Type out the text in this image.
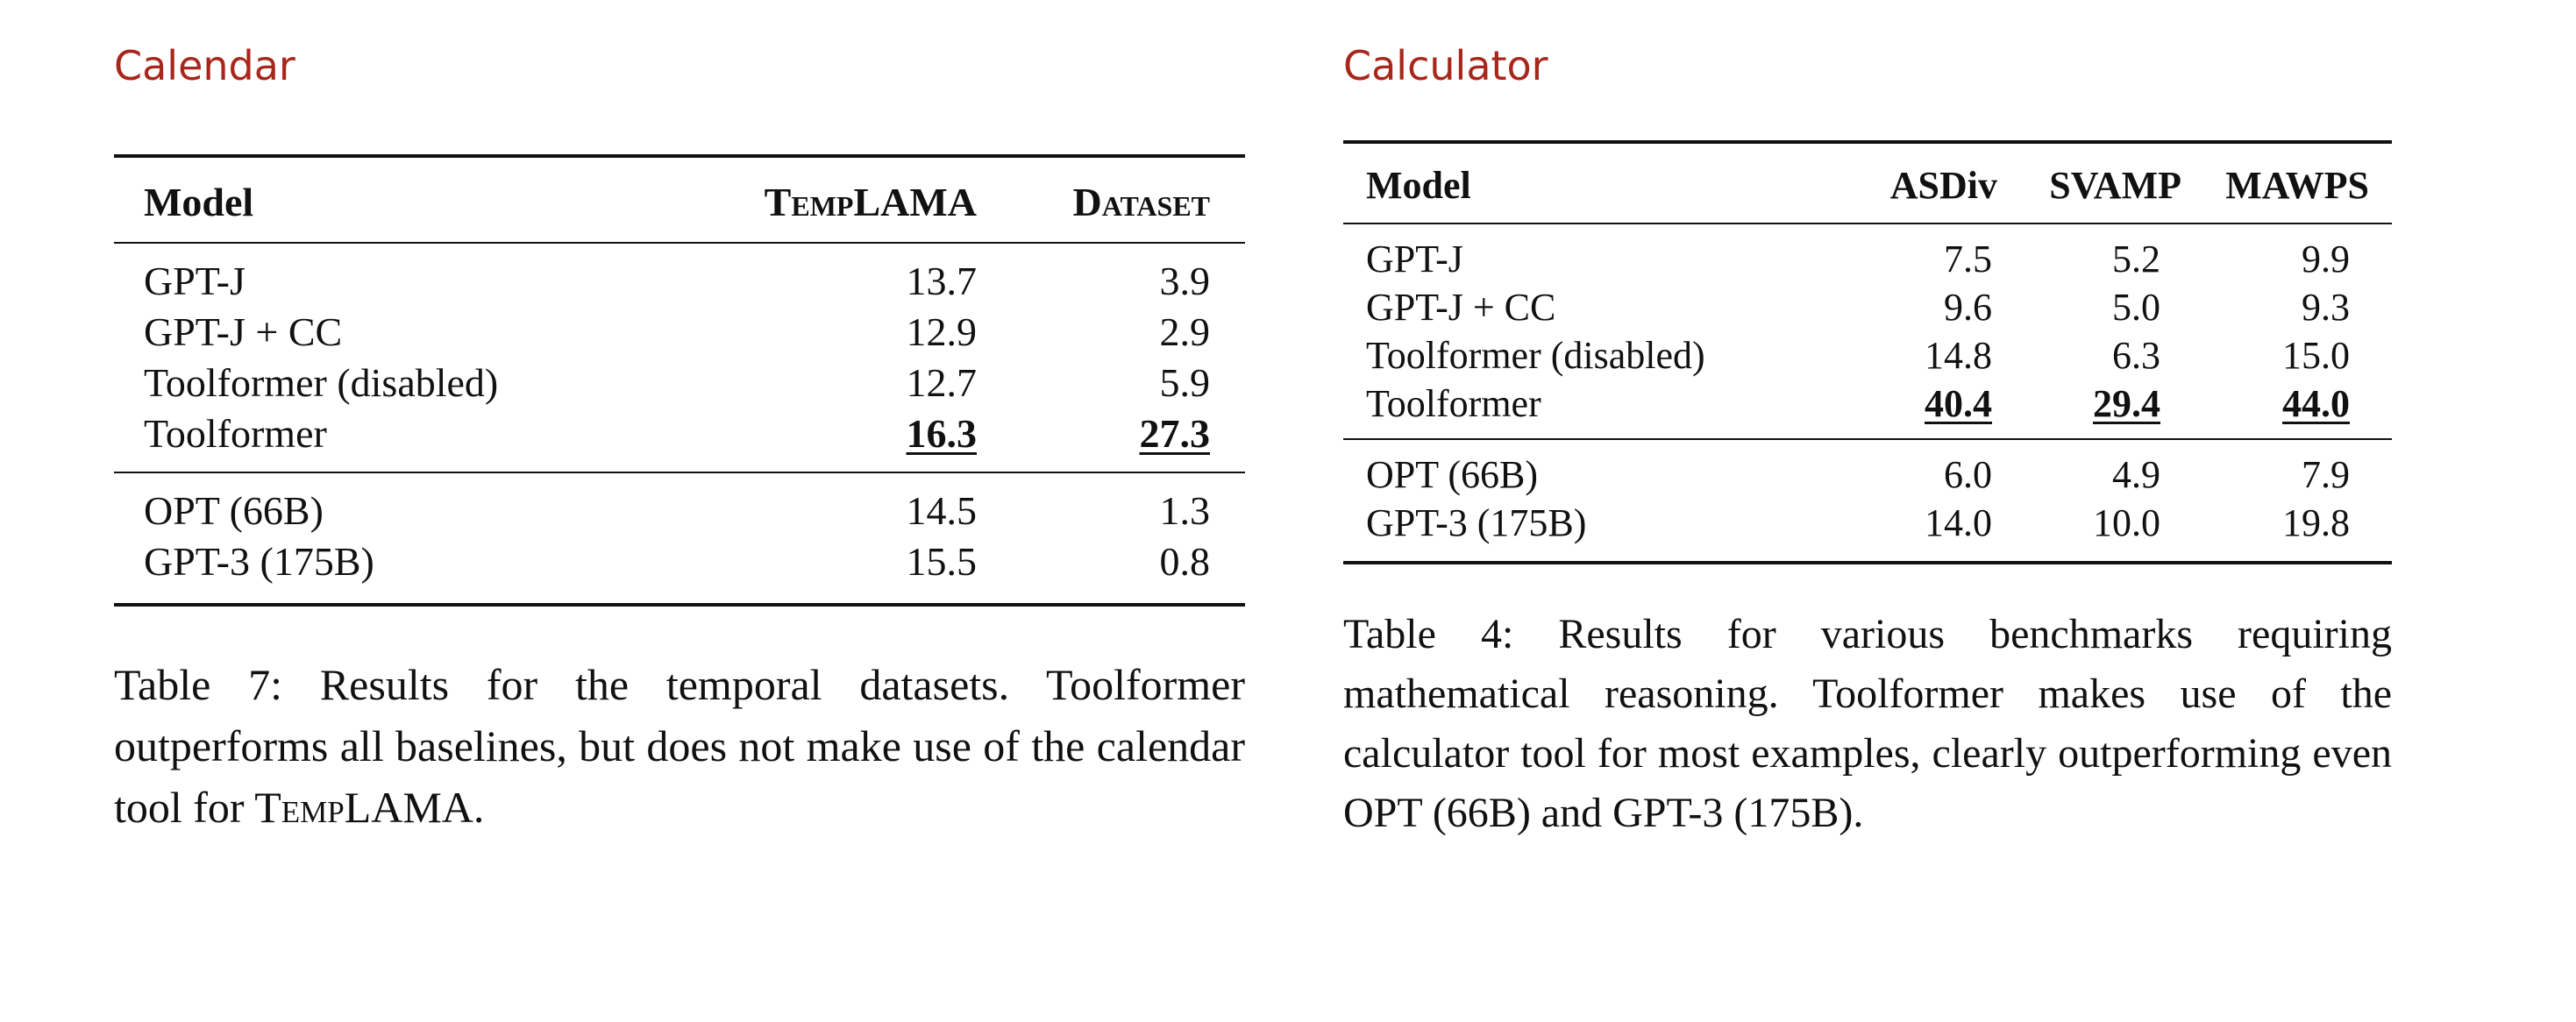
Calendar
Model	TempLAMA	Dataset
GPT-J	13.7	3.9
GPT-J + CC	12.9	2.9
Toolformer (disabled)	12.7	5.9
Toolformer	16.3	27.3
OPT (66B)	14.5	1.3
GPT-3 (175B)	15.5	0.8

Table 7: Results for the temporal datasets. Toolformer outperforms all baselines, but does not make use of the calendar tool for TempLAMA.

Calculator
Model	ASDiv	SVAMP	MAWPS
GPT-J	7.5	5.2	9.9
GPT-J + CC	9.6	5.0	9.3
Toolformer (disabled)	14.8	6.3	15.0
Toolformer	40.4	29.4	44.0
OPT (66B)	6.0	4.9	7.9
GPT-3 (175B)	14.0	10.0	19.8

Table 4: Results for various benchmarks requiring mathematical reasoning. Toolformer makes use of the calculator tool for most examples, clearly outperforming even OPT (66B) and GPT-3 (175B).
